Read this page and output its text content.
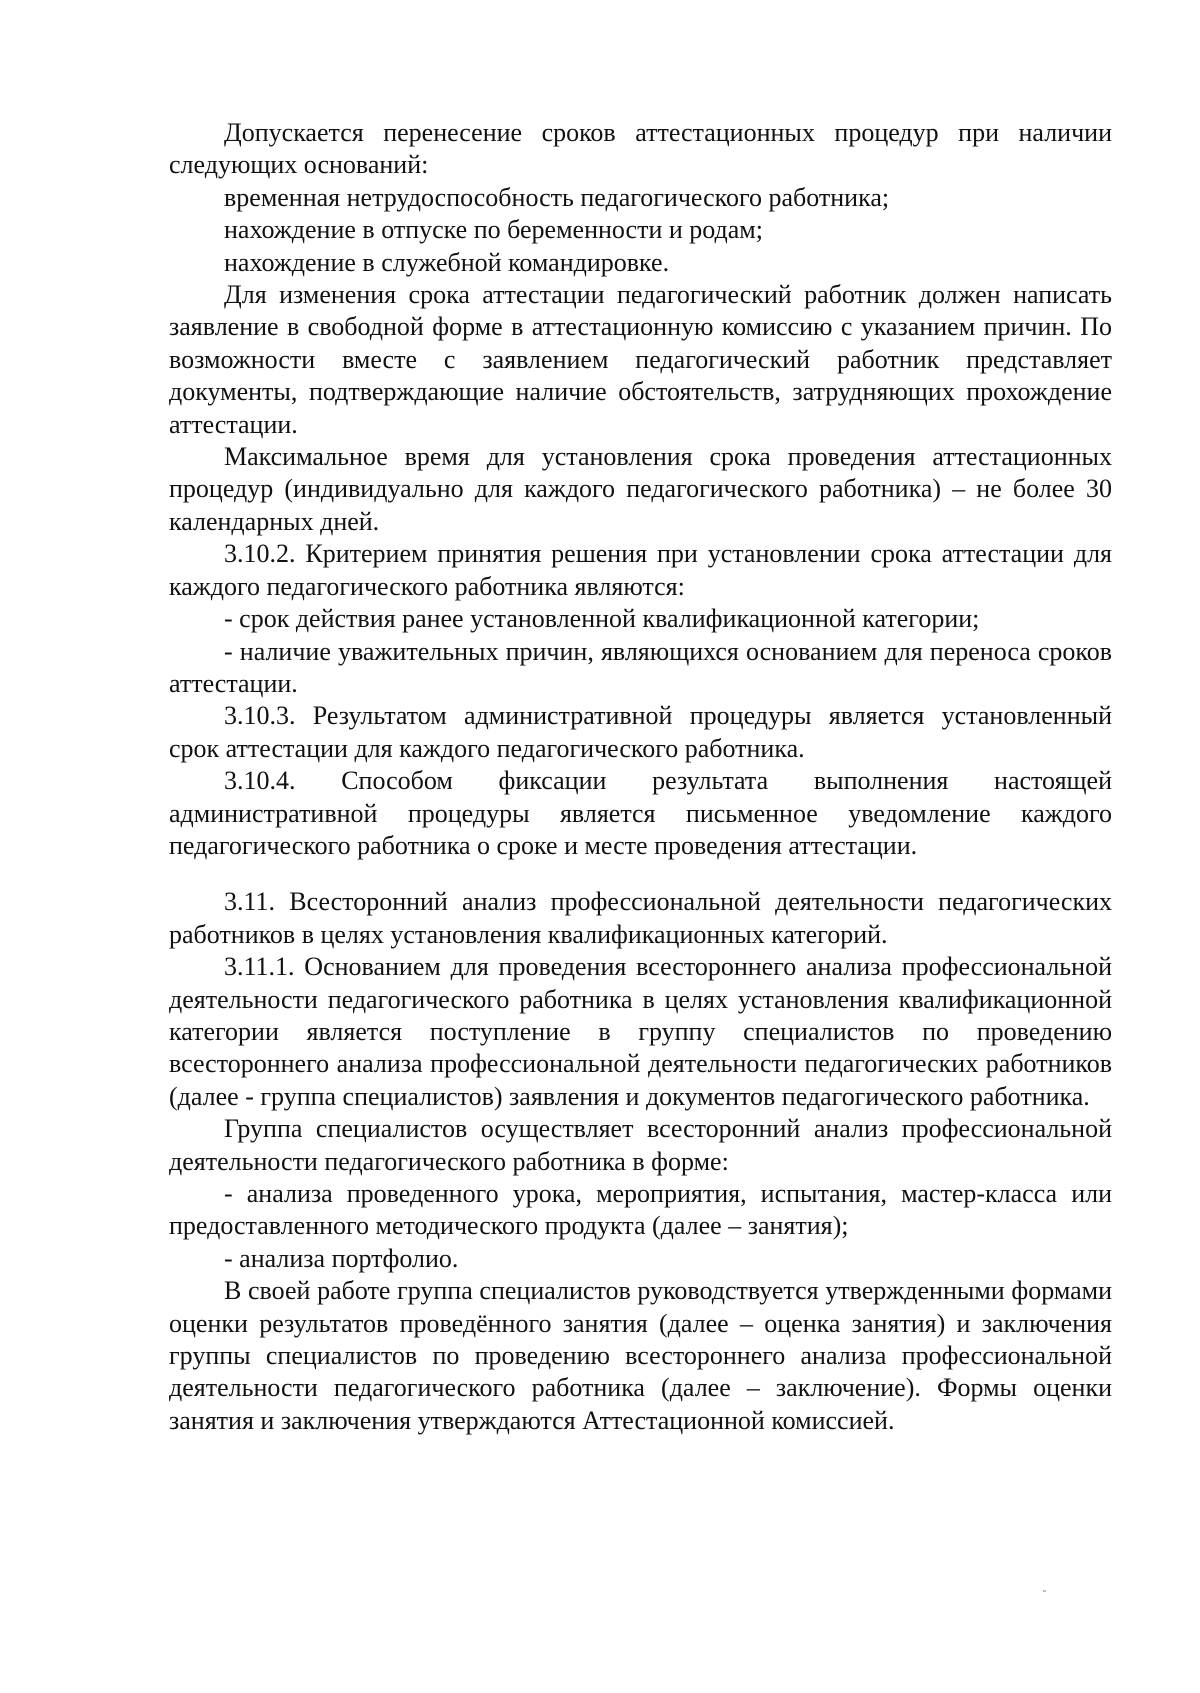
Допускается перенесение сроков аттестационных процедур при наличии следующих оснований:

временная нетрудоспособность педагогического работника;

нахождение в отпуске по беременности и родам;

нахождение в служебной командировке.

Для изменения срока аттестации педагогический работник должен написать заявление в свободной форме в аттестационную комиссию с указанием причин. По возможности вместе с заявлением педагогический работник представляет документы, подтверждающие наличие обстоятельств, затрудняющих прохождение аттестации.

Максимальное время для установления срока проведения аттестационных процедур (индивидуально для каждого педагогического работника) – не более 30 календарных дней.

3.10.2. Критерием принятия решения при установлении срока аттестации для каждого педагогического работника являются:

- срок действия ранее установленной квалификационной категории;

- наличие уважительных причин, являющихся основанием для переноса сроков аттестации.

3.10.3. Результатом административной процедуры является установленный срок аттестации для каждого педагогического работника.

3.10.4. Способом фиксации результата выполнения настоящей административной процедуры является письменное уведомление каждого педагогического работника о сроке и месте проведения аттестации.

3.11. Всесторонний анализ профессиональной деятельности педагогических работников в целях установления квалификационных категорий.

3.11.1. Основанием для проведения всестороннего анализа профессиональной деятельности педагогического работника в целях установления квалификационной категории является поступление в группу специалистов по проведению всестороннего анализа профессиональной деятельности педагогических работников (далее - группа специалистов) заявления и документов педагогического работника.

Группа специалистов осуществляет всесторонний анализ профессиональной деятельности педагогического работника в форме:

- анализа проведенного урока, мероприятия, испытания, мастер-класса или предоставленного методического продукта (далее – занятия);

- анализа портфолио.

В своей работе группа специалистов руководствуется утвержденными формами оценки результатов проведённого занятия (далее – оценка занятия) и заключения группы специалистов по проведению всестороннего анализа профессиональной деятельности педагогического работника (далее – заключение). Формы оценки занятия и заключения утверждаются Аттестационной комиссией.
